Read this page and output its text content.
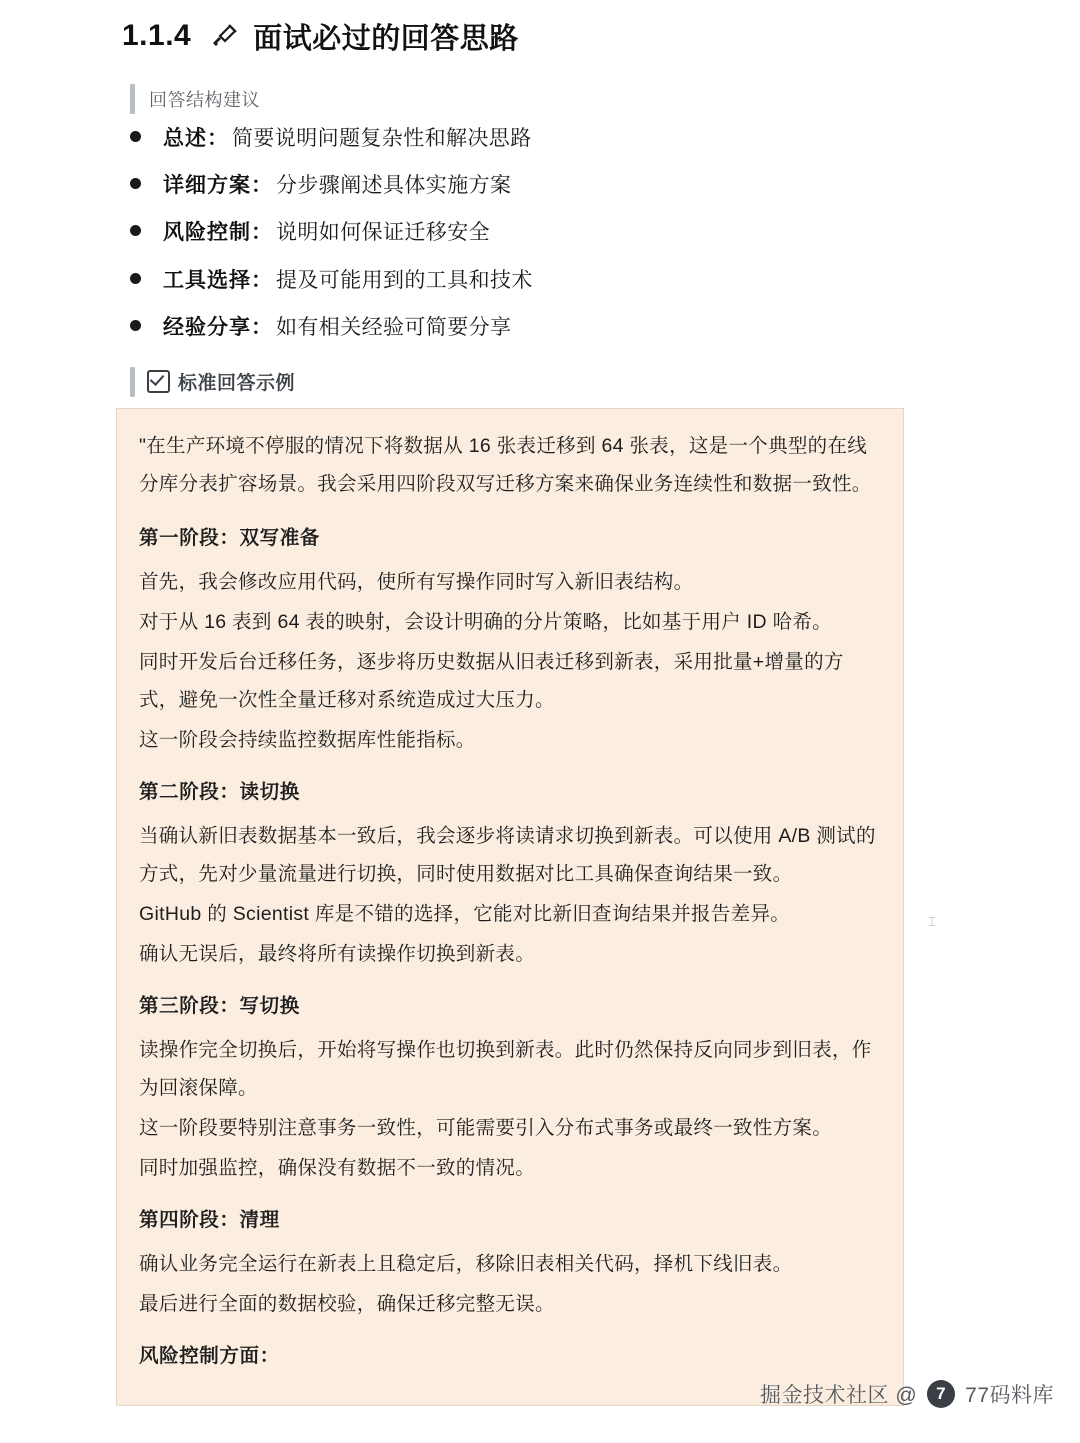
1.1.4 面试必过的回答思路
回答结构建议
总述 ： 简要说明问题复杂性和解决思路
详细方案 ： 分步骤阐述具体实施方案
风险控制 ： 说明如何保证迁移安全
工具选择 ： 提及可能用到的工具和技术
经验分享 ： 如有相关经验可简要分享
标准回答示例

"在生产环境不停服的情况下将数据从 16 张表迁移到 64 张表，这是一个典型的在线分库分表扩容场景。我会采用四阶段双写迁移方案来确保业务连续性和数据一致性。

第一阶段：双写准备

首先，我会修改应用代码，使所有写操作同时写入新旧表结构。

对于从 16 表到 64 表的映射，会设计明确的分片策略，比如基于用户 ID 哈希。

同时开发后台迁移任务，逐步将历史数据从旧表迁移到新表，采用批量+增量的方式，避免一次性全量迁移对系统造成过大压力。

这一阶段会持续监控数据库性能指标。

第二阶段：读切换

当确认新旧表数据基本一致后，我会逐步将读请求切换到新表。可以使用 A/B 测试的方式，先对少量流量进行切换，同时使用数据对比工具确保查询结果一致。

GitHub 的 Scientist 库是不错的选择，它能对比新旧查询结果并报告差异。

确认无误后，最终将所有读操作切换到新表。

第三阶段：写切换

读操作完全切换后，开始将写操作也切换到新表。此时仍然保持反向同步到旧表，作为回滚保障。

这一阶段要特别注意事务一致性，可能需要引入分布式事务或最终一致性方案。

同时加强监控，确保没有数据不一致的情况。

第四阶段：清理

确认业务完全运行在新表上且稳定后，移除旧表相关代码，择机下线旧表。

最后进行全面的数据校验，确保迁移完整无误。

风险控制方面：

⌶
掘金技术社区 @	7 77码料库
